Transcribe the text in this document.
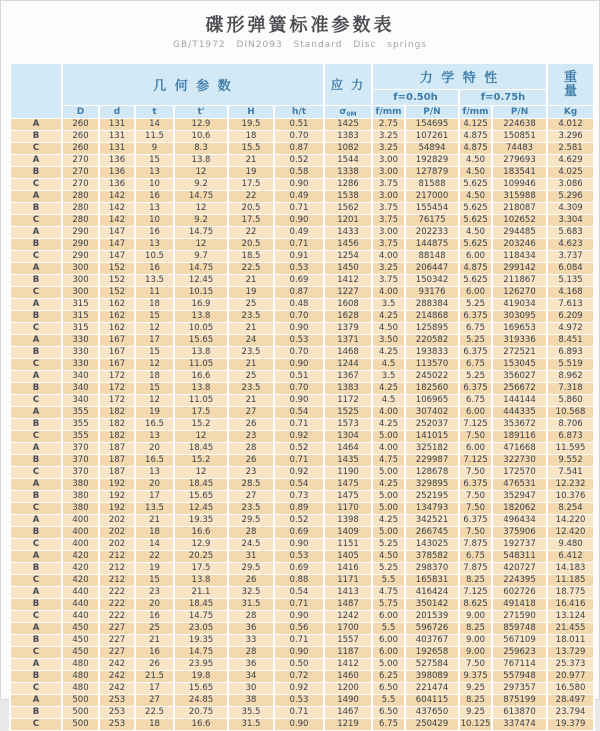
碟形弹簧标准参数表
GB/T1972 DIN2093 Standard Disc springs
	几 何 参 数						应 力	力 学 特 性				重
量
								f=0.50h		f=0.75h		
	D	d	t	t'	H	h/t	$\sigma_{0M}$	f/mm	P/N	f/mm	P/N	Kg
A	260	131	14	12.9	19.5	0.51	1425	2.75	154695	4.125	224638	4.012
B	260	131	11.5	10.6	18	0.70	1383	3.25	107261	4.875	150851	3.296
C	260	131	9	8.3	15.5	0.87	1082	3.25	54894	4.875	74483	2.581
A	270	136	15	13.8	21	0.52	1544	3.00	192829	4.50	279693	4.629
B	270	136	13	12	19	0.58	1338	3.00	127879	4.50	183541	4.025
C	270	136	10	9.2	17.5	0.90	1286	3.75	81588	5.625	109946	3.086
A	280	142	16	14.75	22	0.49	1538	3.00	217000	4.50	315988	5.296
B	280	142	13	12	20.5	0.71	1562	3.75	155454	5.625	218087	4.309
C	280	142	10	9.2	17.5	0.90	1201	3.75	76175	5.625	102652	3.304
A	290	147	16	14.75	22	0.49	1433	3.00	202233	4.50	294485	5.683
B	290	147	13	12	20.5	0.71	1456	3.75	144875	5.625	203246	4.623
C	290	147	10.5	9.7	18.5	0.91	1254	4.00	88148	6.00	118434	3.737
A	300	152	16	14.75	22.5	0.53	1450	3.25	206447	4.875	299142	6.084
B	300	152	13.5	12.45	21	0.69	1412	3.75	150342	5.625	211867	5.135
C	300	152	11	10.15	19	0.87	1227	4.00	93176	6.00	126270	4.168
A	315	162	18	16.9	25	0.48	1608	3.5	288384	5.25	419034	7.613
B	315	162	15	13.8	23.5	0.70	1628	4.25	214868	6.375	303095	6.209
C	315	162	12	10.05	21	0.90	1379	4.50	125895	6.75	169653	4.972
A	330	167	17	15.65	24	0.53	1371	3.50	220582	5.25	319336	8.451
B	330	167	15	13.8	23.5	0.70	1468	4.25	193833	6.375	272521	6.893
C	330	167	12	11.05	21	0.90	1244	4.5	113570	6.75	153045	5.519
A	340	172	18	16.6	25	0.51	1367	3.5	245022	5.25	356027	8.962
B	340	172	15	13.8	23.5	0.70	1383	4.25	182560	6.375	256672	7.318
C	340	172	12	11.05	21	0.90	1172	4.5	106965	6.75	144144	5.860
A	355	182	19	17.5	27	0.54	1525	4.00	307402	6.00	444335	10.568
B	355	182	16.5	15.2	26	0.71	1573	4.25	252037	7.125	353672	8.706
C	355	182	13	12	23	0.92	1304	5.00	141015	7.50	189116	6.873
A	370	187	20	18.45	28	0.52	1464	4.00	325182	6.00	471668	11.595
B	370	187	16.5	15.2	26	0.71	1435	4.75	229987	7.125	322730	9.552
C	370	187	13	12	23	0.92	1190	5.00	128678	7.50	172570	7.541
A	380	192	20	18.45	28.5	0.54	1475	4.25	329895	6.375	476531	12.232
B	380	192	17	15.65	27	0.73	1475	5.00	252195	7.50	352947	10.376
C	380	192	13.5	12.45	23.5	0.89	1170	5.00	134793	7.50	182062	8.254
A	400	202	21	19.35	29.5	0.52	1398	4.25	342521	6.375	496434	14.220
B	400	202	18	16.6	28	0.69	1409	5.00	266745	7.50	375906	12.420
C	400	202	14	12.9	24.5	0.90	1151	5.25	143025	7.875	192737	9.480
A	420	212	22	20.25	31	0.53	1405	4.50	378582	6.75	548311	6.412
B	420	212	19	17.5	29.5	0.69	1416	5.25	298370	7.875	420727	14.183
C	420	212	15	13.8	26	0.88	1171	5.5	165831	8.25	224395	11.185
A	440	222	23	21.1	32.5	0.54	1413	4.75	416424	7.125	602726	18.775
B	440	222	20	18.45	31.5	0.71	1487	5.75	350142	8.625	491418	16.416
C	440	222	16	14.75	28	0.90	1242	6.00	201539	9.00	271590	13.124
A	450	227	25	23.05	36	0.56	1700	5.5	596726	8.25	859748	21.455
B	450	227	21	19.35	33	0.71	1557	6.00	403767	9.00	567109	18.011
C	450	227	16	14.75	28	0.90	1187	6.00	192658	9.00	259623	13.729
A	480	242	26	23.95	36	0.50	1412	5.00	527584	7.50	767114	25.373
B	480	242	21.5	19.8	34	0.72	1460	6.25	398089	9.375	557948	20.977
C	480	242	17	15.65	30	0.92	1200	6.50	221474	9.25	297357	16.580
A	500	253	27	24.85	38	0.53	1490	5.5	604115	8.25	875199	28.497
B	500	253	22.5	20.75	35.5	0.71	1467	6.50	437650	9.25	613870	23.794
C	500	253	18	16.6	31.5	0.90	1219	6.75	250429	10.125	337474	19.379
